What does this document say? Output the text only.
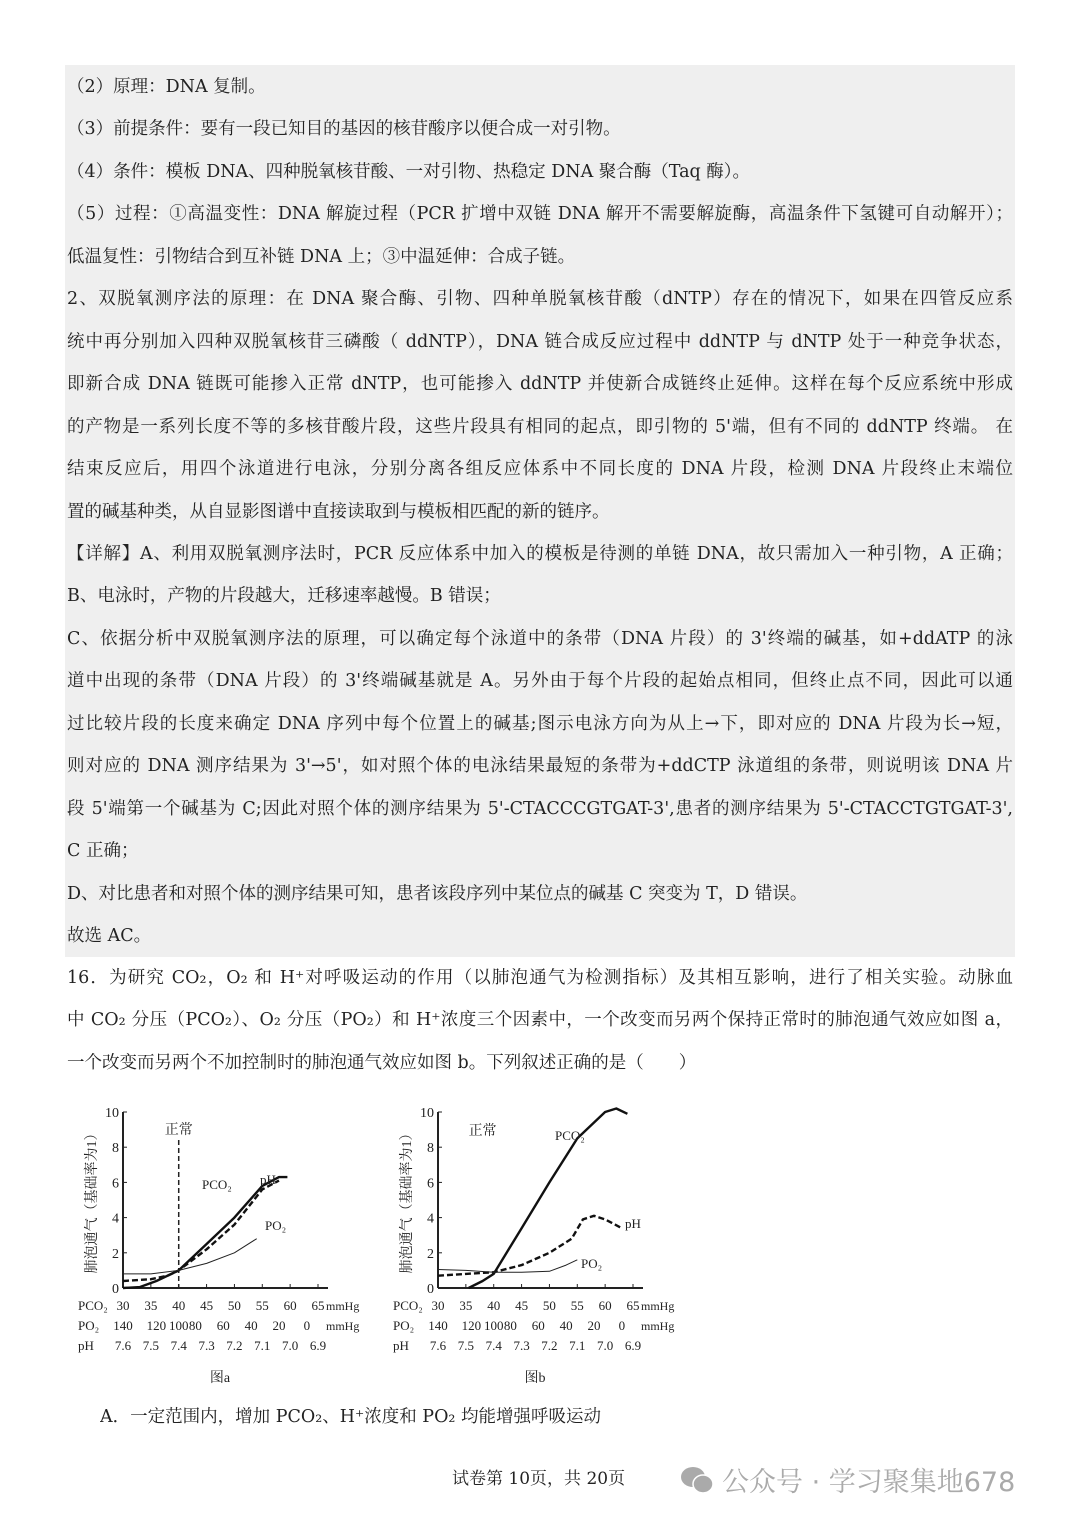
（2）原理：DNA 复制。
（3）前提条件：要有一段已知目的基因的核苷酸序以便合成一对引物。
（4）条件：模板 DNA、四种脱氧核苷酸、一对引物、热稳定 DNA 聚合酶（Taq 酶）。
（5）过程：①高温变性：DNA 解旋过程（PCR 扩增中双链 DNA 解开不需要解旋酶，高温条件下氢键可自动解开）；
低温复性：引物结合到互补链 DNA 上；③中温延伸：合成子链。
2、双脱氧测序法的原理：在 DNA 聚合酶、引物、四种单脱氧核苷酸（dNTP）存在的情况下，如果在四管反应系
统中再分别加入四种双脱氧核苷三磷酸（ ddNTP），DNA 链合成反应过程中 ddNTP 与 dNTP 处于一种竞争状态，
即新合成 DNA 链既可能掺入正常 dNTP，也可能掺入 ddNTP 并使新合成链终止延伸。这样在每个反应系统中形成
的产物是一系列长度不等的多核苷酸片段，这些片段具有相同的起点，即引物的 5'端，但有不同的 ddNTP 终端。 在
结束反应后，用四个泳道进行电泳，分别分离各组反应体系中不同长度的 DNA 片段，检测 DNA 片段终止末端位
置的碱基种类，从自显影图谱中直接读取到与模板相匹配的新的链序。
【详解】A、利用双脱氧测序法时，PCR 反应体系中加入的模板是待测的单链 DNA，故只需加入一种引物，A 正确；
B、电泳时，产物的片段越大，迁移速率越慢。B 错误；
C、依据分析中双脱氧测序法的原理，可以确定每个泳道中的条带（DNA 片段）的 3'终端的碱基，如+ddATP 的泳
道中出现的条带（DNA 片段）的 3'终端碱基就是 A。另外由于每个片段的起始点相同，但终止点不同，因此可以通
过比较片段的长度来确定 DNA 序列中每个位置上的碱基;图示电泳方向为从上→下，即对应的 DNA 片段为长→短，
则对应的 DNA 测序结果为 3'→5'，如对照个体的电泳结果最短的条带为+ddCTP 泳道组的条带，则说明该 DNA 片
段 5'端第一个碱基为 C;因此对照个体的测序结果为 5'-CTACCCGTGAT-3',患者的测序结果为 5'-CTACCTGTGAT-3',
C 正确；
D、对比患者和对照个体的测序结果可知，患者该段序列中某位点的碱基 C 突变为 T，D 错误。
故选 AC。
16．为研究 CO₂，O₂ 和 H⁺对呼吸运动的作用（以肺泡通气为检测指标）及其相互影响，进行了相关实验。动脉血
中 CO₂ 分压（PCO₂）、O₂ 分压（PO₂）和 H⁺浓度三个因素中，一个改变而另两个保持正常时的肺泡通气效应如图 a，
一个改变而另两个不加控制时的肺泡通气效应如图 b。下列叙述正确的是（　　）
0
2
4
6
8
10
肺泡通气（基础率为1）	正常
PCO₂ pH
PO₂
PCO₂ 30 35 40 45 50 55 60 65 mmHg
PO₂ 140 120 100 80 60 40 20 0 mmHg
pH 7.6 7.5 7.4 7.3 7.2 7.1 7.0 6.9
图a
0
2
4
6
8
10
肺泡通气（基础率为1）	正常	PCO₂
pH
PO₂
PCO₂ 30 35 40 45 50 55 60 65 mmHg
PO₂ 140 120 100 80 60 40 20 0 mmHg
pH 7.6 7.5 7.4 7.3 7.2 7.1 7.0 6.9
图b
A．一定范围内，增加 PCO₂、H⁺浓度和 PO₂ 均能增强呼吸运动
试卷第 10页，共 20页	公众号 · 学习聚集地678
